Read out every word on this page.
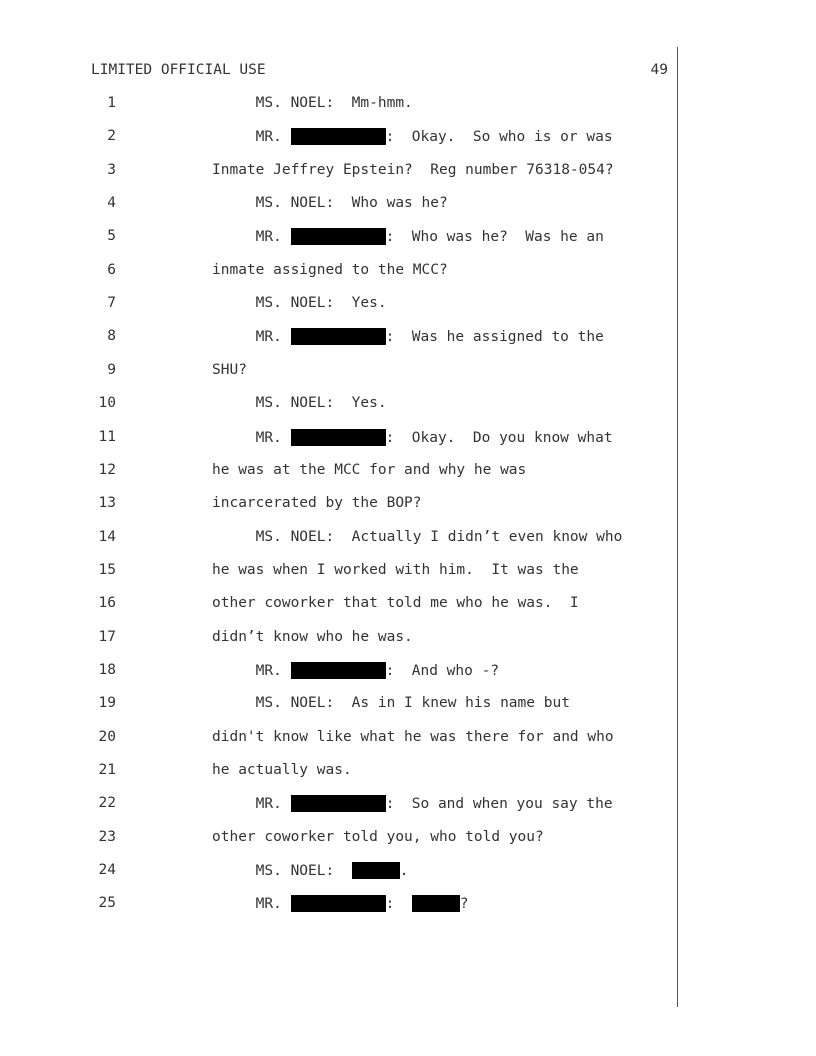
LIMITED OFFICIAL USE	49
1	MS. NOEL:  Mm-hmm.
2	MR.	:  Okay.  So who is or was
3	Inmate Jeffrey Epstein?  Reg number 76318-054?
4	MS. NOEL:  Who was he?
5	MR.	:  Who was he?  Was he an
6	inmate assigned to the MCC?
7	MS. NOEL:  Yes.
8	MR.	:  Was he assigned to the
9	SHU?
10	MS. NOEL:  Yes.
11	MR.	:  Okay.  Do you know what
12	he was at the MCC for and why he was
13	incarcerated by the BOP?
14	MS. NOEL:  Actually I didn’t even know who
15	he was when I worked with him.  It was the
16	other coworker that told me who he was.  I
17	didn’t know who he was.
18	MR.	:  And who -?
19	MS. NOEL:  As in I knew his name but
20	didn't know like what he was there for and who
21	he actually was.
22	MR.	:  So and when you say the
23	other coworker told you, who told you?
24	MS. NOEL:	.
25	MR.	:	?
